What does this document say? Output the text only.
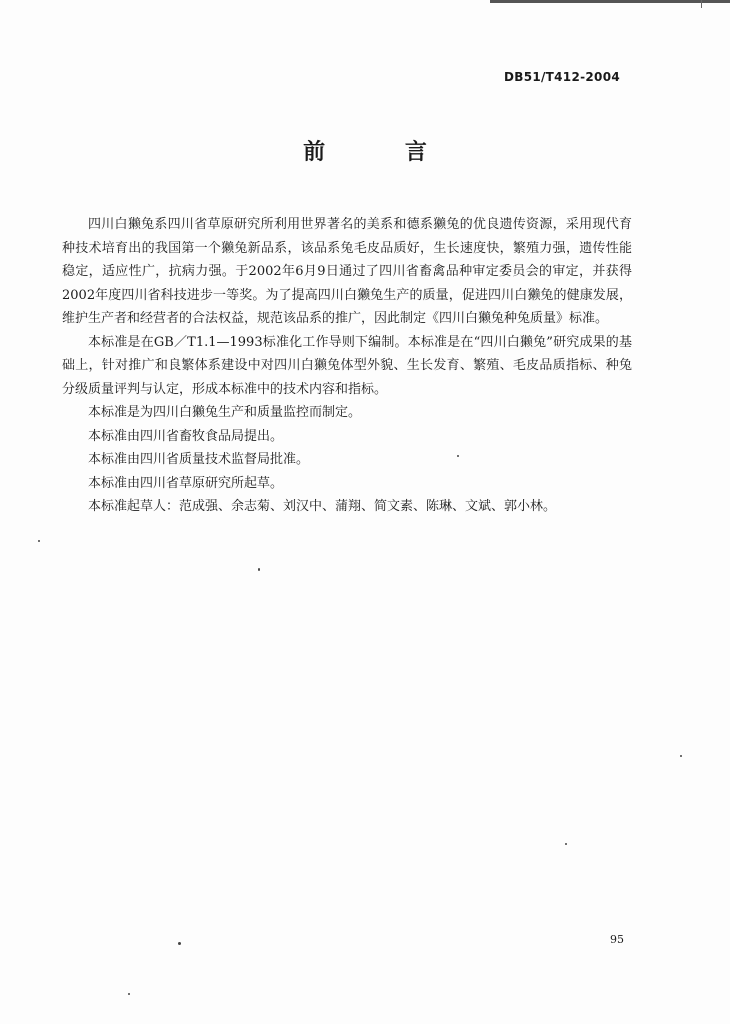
DB51/T412-2004
前 言

四川白獭兔系四川省草原研究所利用世界著名的美系和德系獭兔的优良遗传资源，采用现代育种技术培育出的我国第一个獭兔新品系，该品系兔毛皮品质好，生长速度快，繁殖力强，遗传性能稳定，适应性广，抗病力强。于2002年6月9日通过了四川省畜禽品种审定委员会的审定，并获得2002年度四川省科技进步一等奖。为了提高四川白獭兔生产的质量，促进四川白獭兔的健康发展，维护生产者和经营者的合法权益，规范该品系的推广，因此制定《四川白獭兔种兔质量》标准。

本标准是在GB／T1.1—1993标准化工作导则下编制。本标准是在“四川白獭兔”研究成果的基础上，针对推广和良繁体系建设中对四川白獭兔体型外貌、生长发育、繁殖、毛皮品质指标、种兔分级质量评判与认定，形成本标准中的技术内容和指标。

本标准是为四川白獭兔生产和质量监控而制定。

本标准由四川省畜牧食品局提出。

本标准由四川省质量技术监督局批准。

本标准由四川省草原研究所起草。

本标准起草人：范成强、余志菊、刘汉中、蒲翔、简文素、陈琳、文斌、郭小林。

95
